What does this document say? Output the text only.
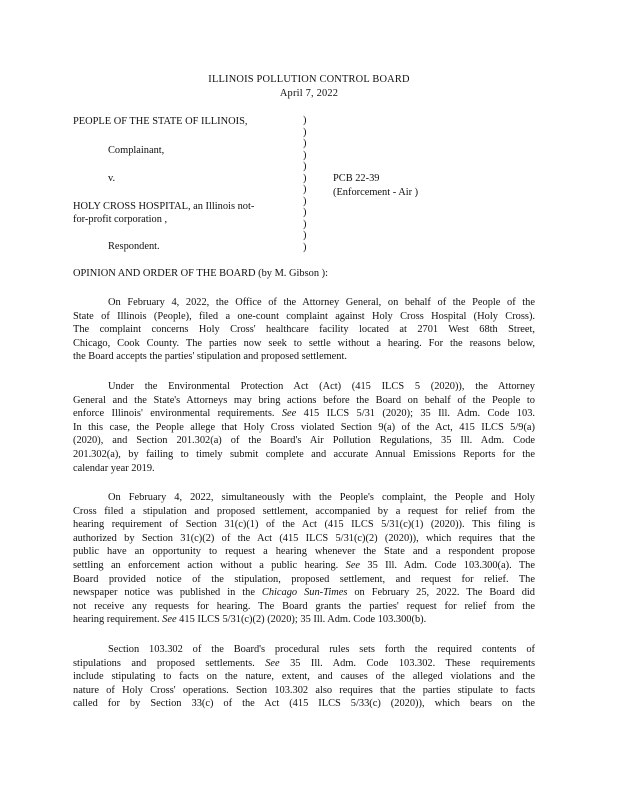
ILLINOIS POLLUTION CONTROL BOARD
April 7, 2022
PEOPLE OF THE STATE OF ILLINOIS,
Complainant,
v.
HOLY CROSS HOSPITAL, an Illinois not-
for-profit corporation ,
Respondent.
PCB 22-39
(Enforcement - Air )
)
)
)
)
)
)
)
)
)
)
)
)
OPINION AND ORDER OF THE BOARD (by M. Gibson ):
On February 4, 2022, the Office of the Attorney General, on behalf of the People of the
State of Illinois (People), filed a one-count complaint against Holy Cross Hospital (Holy Cross).
The complaint concerns Holy Cross' healthcare facility located at 2701 West 68th Street,
Chicago, Cook County. The parties now seek to settle without a hearing. For the reasons below,
the Board accepts the parties' stipulation and proposed settlement.
Under the Environmental Protection Act (Act) (415 ILCS 5 (2020)), the Attorney
General and the State's Attorneys may bring actions before the Board on behalf of the People to
enforce Illinois' environmental requirements. See 415 ILCS 5/31 (2020); 35 Ill. Adm. Code 103.
In this case, the People allege that Holy Cross violated Section 9(a) of the Act, 415 ILCS 5/9(a)
(2020), and Section 201.302(a) of the Board's Air Pollution Regulations, 35 Ill. Adm. Code
201.302(a), by failing to timely submit complete and accurate Annual Emissions Reports for the
calendar year 2019.
On February 4, 2022, simultaneously with the People's complaint, the People and Holy
Cross filed a stipulation and proposed settlement, accompanied by a request for relief from the
hearing requirement of Section 31(c)(1) of the Act (415 ILCS 5/31(c)(1) (2020)). This filing is
authorized by Section 31(c)(2) of the Act (415 ILCS 5/31(c)(2) (2020)), which requires that the
public have an opportunity to request a hearing whenever the State and a respondent propose
settling an enforcement action without a public hearing. See 35 Ill. Adm. Code 103.300(a). The
Board provided notice of the stipulation, proposed settlement, and request for relief. The
newspaper notice was published in the Chicago Sun-Times on February 25, 2022. The Board did
not receive any requests for hearing. The Board grants the parties' request for relief from the
hearing requirement. See 415 ILCS 5/31(c)(2) (2020); 35 Ill. Adm. Code 103.300(b).
Section 103.302 of the Board's procedural rules sets forth the required contents of
stipulations and proposed settlements. See 35 Ill. Adm. Code 103.302. These requirements
include stipulating to facts on the nature, extent, and causes of the alleged violations and the
nature of Holy Cross' operations. Section 103.302 also requires that the parties stipulate to facts
called for by Section 33(c) of the Act (415 ILCS 5/33(c) (2020)), which bears on the
